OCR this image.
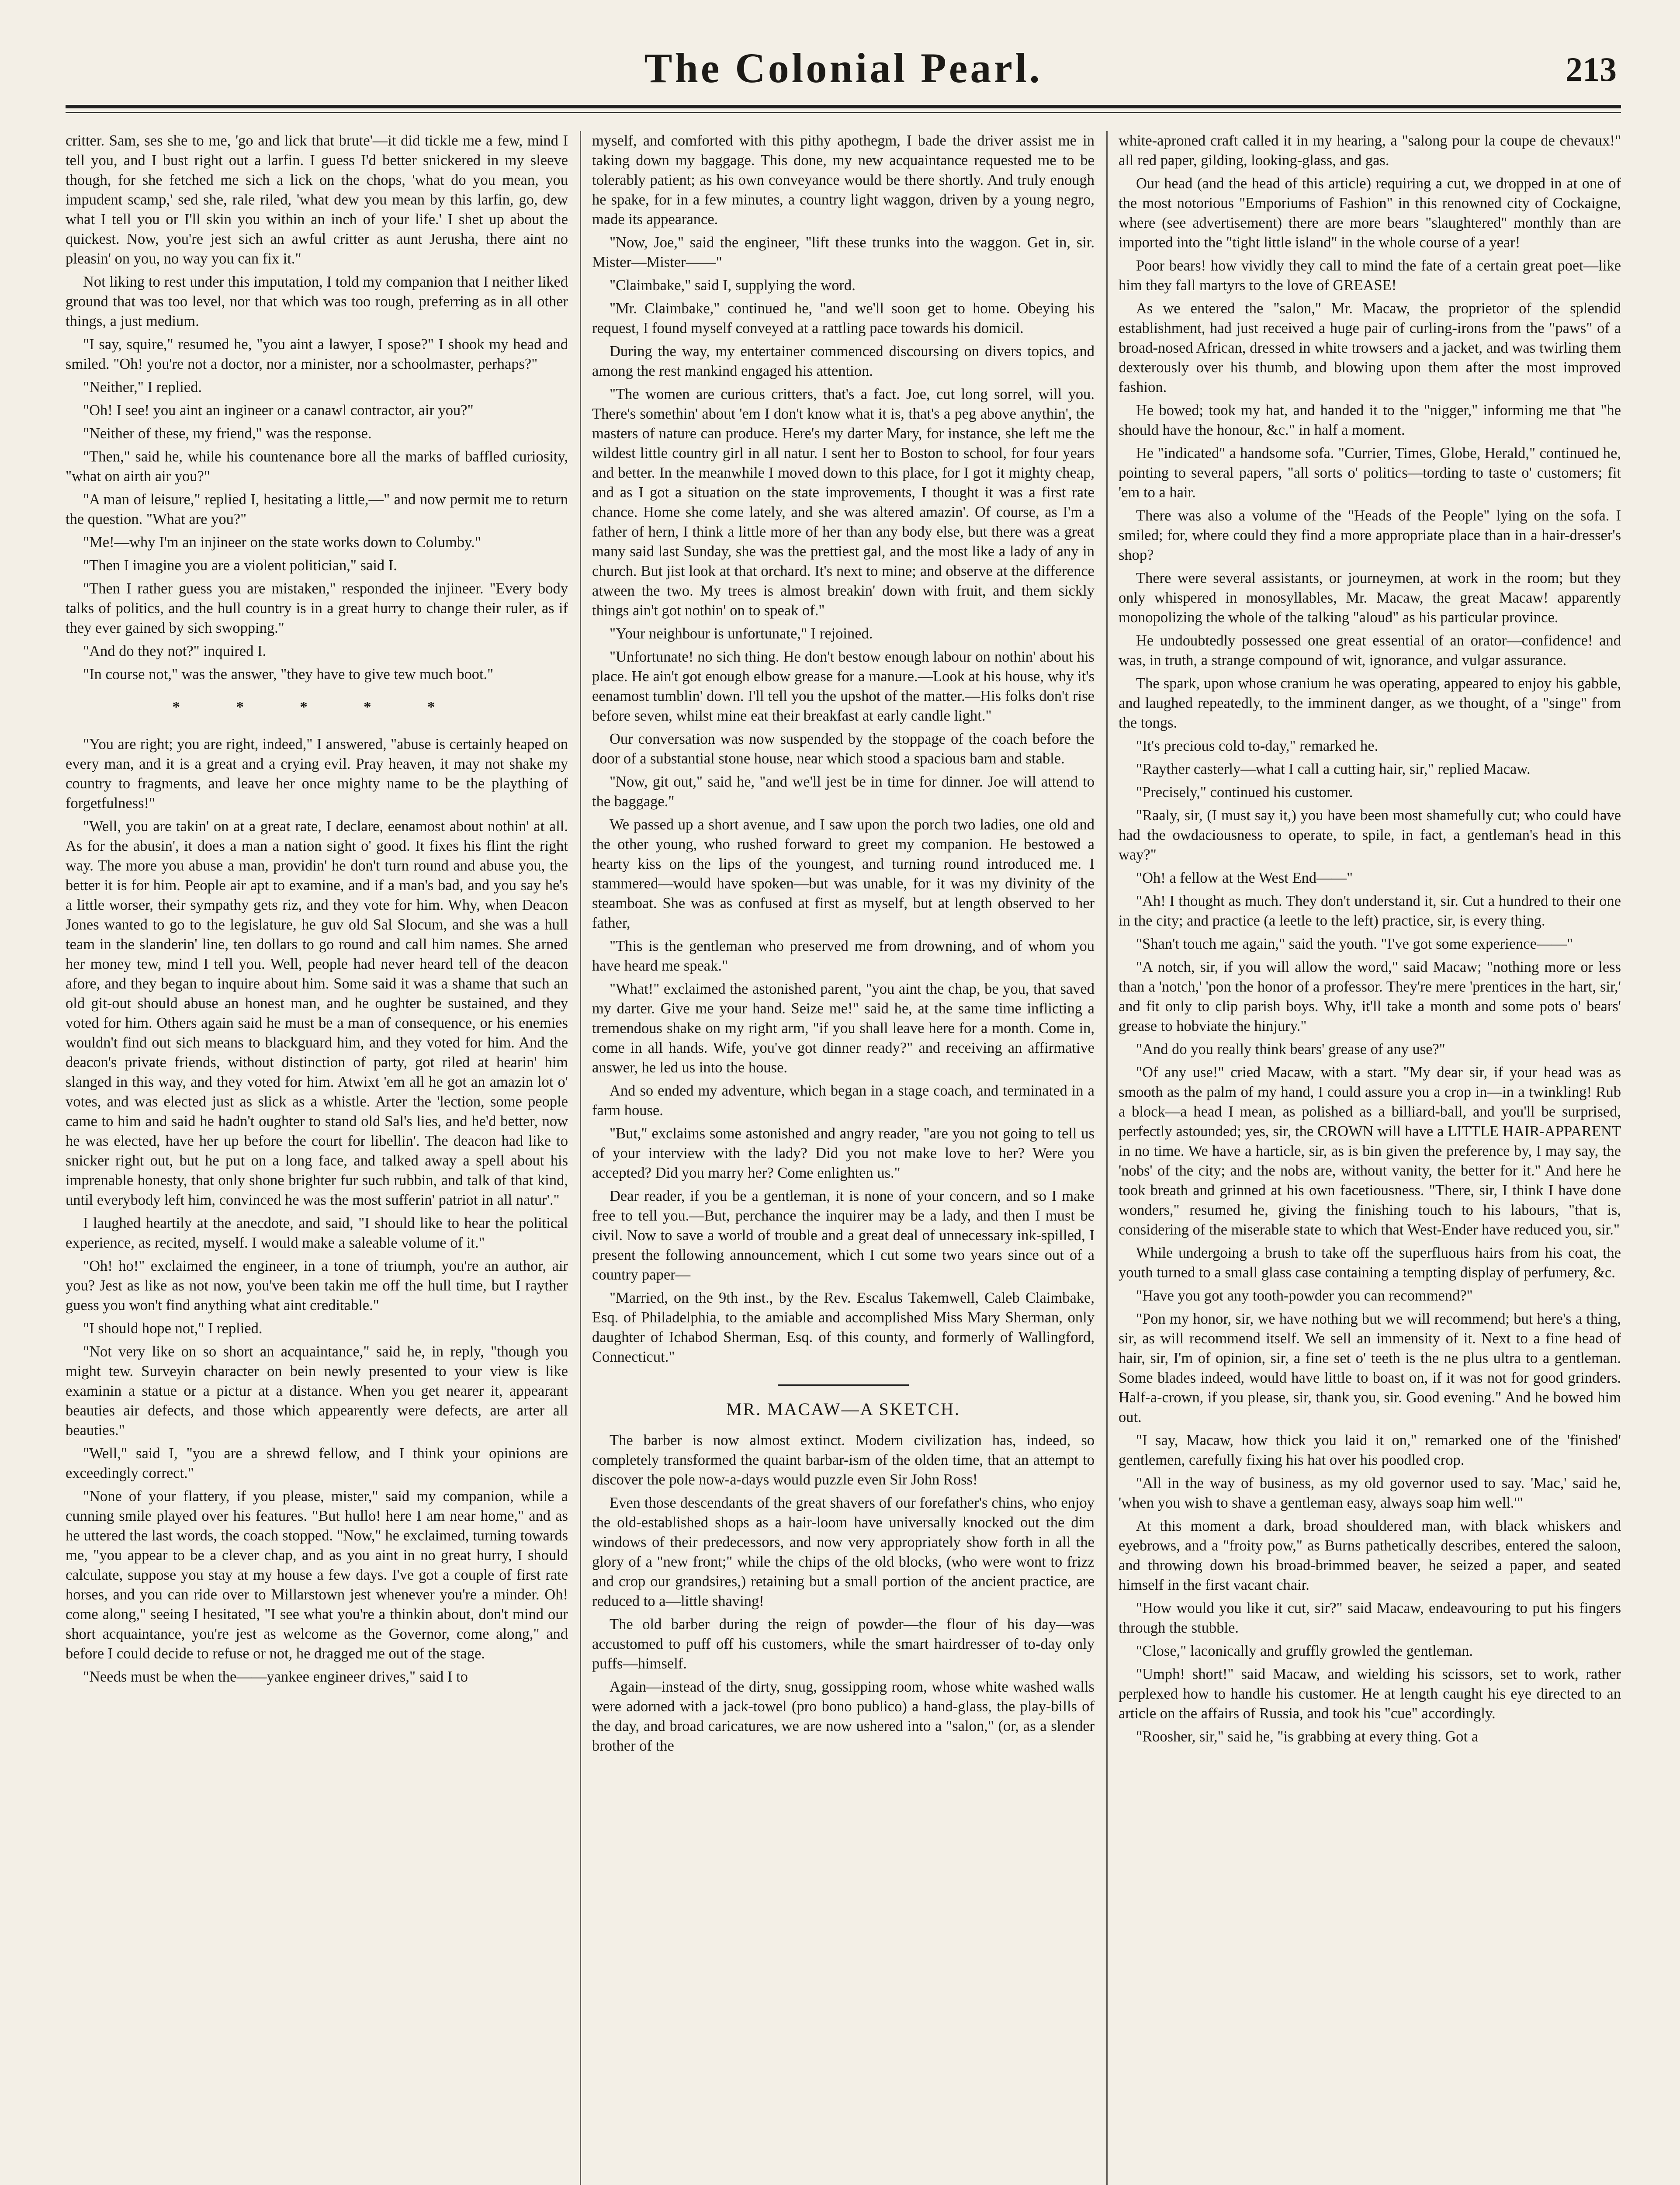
The Colonial Pearl.	213

critter. Sam, ses she to me, 'go and lick that brute'—it did tickle me a few, mind I tell you, and I bust right out a larfin. I guess I'd better snickered in my sleeve though, for she fetched me sich a lick on the chops, 'what do you mean, you impudent scamp,' sed she, rale riled, 'what dew you mean by this larfin, go, dew what I tell you or I'll skin you within an inch of your life.' I shet up about the quickest. Now, you're jest sich an awful critter as aunt Jerusha, there aint no pleasin' on you, no way you can fix it."

Not liking to rest under this imputation, I told my companion that I neither liked ground that was too level, nor that which was too rough, preferring as in all other things, a just medium.

"I say, squire," resumed he, "you aint a lawyer, I spose?" I shook my head and smiled. "Oh! you're not a doctor, nor a minister, nor a schoolmaster, perhaps?"

"Neither," I replied.

"Oh! I see! you aint an ingineer or a canawl contractor, air you?"

"Neither of these, my friend," was the response.

"Then," said he, while his countenance bore all the marks of baffled curiosity, "what on airth air you?"

"A man of leisure," replied I, hesitating a little,—" and now permit me to return the question. "What are you?"

"Me!—why I'm an injineer on the state works down to Columby."

"Then I imagine you are a violent politician," said I.

"Then I rather guess you are mistaken," responded the injineer. "Every body talks of politics, and the hull country is in a great hurry to change their ruler, as if they ever gained by sich swopping."

"And do they not?" inquired I.

"In course not," was the answer, "they have to give tew much boot."

* * * * *

"You are right; you are right, indeed," I answered, "abuse is certainly heaped on every man, and it is a great and a crying evil. Pray heaven, it may not shake my country to fragments, and leave her once mighty name to be the plaything of forgetfulness!"

"Well, you are takin' on at a great rate, I declare, eenamost about nothin' at all. As for the abusin', it does a man a nation sight o' good. It fixes his flint the right way. The more you abuse a man, providin' he don't turn round and abuse you, the better it is for him. People air apt to examine, and if a man's bad, and you say he's a little worser, their sympathy gets riz, and they vote for him. Why, when Deacon Jones wanted to go to the legislature, he guv old Sal Slocum, and she was a hull team in the slanderin' line, ten dollars to go round and call him names. She arned her money tew, mind I tell you. Well, people had never heard tell of the deacon afore, and they began to inquire about him. Some said it was a shame that such an old git-out should abuse an honest man, and he oughter be sustained, and they voted for him. Others again said he must be a man of consequence, or his enemies wouldn't find out sich means to blackguard him, and they voted for him. And the deacon's private friends, without distinction of party, got riled at hearin' him slanged in this way, and they voted for him. Atwixt 'em all he got an amazin lot o' votes, and was elected just as slick as a whistle. Arter the 'lection, some people came to him and said he hadn't oughter to stand old Sal's lies, and he'd better, now he was elected, have her up before the court for libellin'. The deacon had like to snicker right out, but he put on a long face, and talked away a spell about his imprenable honesty, that only shone brighter fur such rubbin, and talk of that kind, until everybody left him, convinced he was the most sufferin' patriot in all natur'."

I laughed heartily at the anecdote, and said, "I should like to hear the political experience, as recited, myself. I would make a saleable volume of it."

"Oh! ho!" exclaimed the engineer, in a tone of triumph, you're an author, air you? Jest as like as not now, you've been takin me off the hull time, but I rayther guess you won't find anything what aint creditable."

"I should hope not," I replied.

"Not very like on so short an acquaintance," said he, in reply, "though you might tew. Surveyin character on bein newly presented to your view is like examinin a statue or a pictur at a distance. When you get nearer it, appearant beauties air defects, and those which appearently were defects, are arter all beauties."

"Well," said I, "you are a shrewd fellow, and I think your opinions are exceedingly correct."

"None of your flattery, if you please, mister," said my companion, while a cunning smile played over his features. "But hullo! here I am near home," and as he uttered the last words, the coach stopped. "Now," he exclaimed, turning towards me, "you appear to be a clever chap, and as you aint in no great hurry, I should calculate, suppose you stay at my house a few days. I've got a couple of first rate horses, and you can ride over to Millarstown jest whenever you're a minder. Oh! come along," seeing I hesitated, "I see what you're a thinkin about, don't mind our short acquaintance, you're jest as welcome as the Governor, come along," and before I could decide to refuse or not, he dragged me out of the stage.

"Needs must be when the——yankee engineer drives," said I to

myself, and comforted with this pithy apothegm, I bade the driver assist me in taking down my baggage. This done, my new acquaintance requested me to be tolerably patient; as his own conveyance would be there shortly. And truly enough he spake, for in a few minutes, a country light waggon, driven by a young negro, made its appearance.

"Now, Joe," said the engineer, "lift these trunks into the waggon. Get in, sir. Mister—Mister——"

"Claimbake," said I, supplying the word.

"Mr. Claimbake," continued he, "and we'll soon get to home. Obeying his request, I found myself conveyed at a rattling pace towards his domicil.

During the way, my entertainer commenced discoursing on divers topics, and among the rest mankind engaged his attention.

"The women are curious critters, that's a fact. Joe, cut long sorrel, will you. There's somethin' about 'em I don't know what it is, that's a peg above anythin', the masters of nature can produce. Here's my darter Mary, for instance, she left me the wildest little country girl in all natur. I sent her to Boston to school, for four years and better. In the meanwhile I moved down to this place, for I got it mighty cheap, and as I got a situation on the state improvements, I thought it was a first rate chance. Home she come lately, and she was altered amazin'. Of course, as I'm a father of hern, I think a little more of her than any body else, but there was a great many said last Sunday, she was the prettiest gal, and the most like a lady of any in church. But jist look at that orchard. It's next to mine; and observe at the difference atween the two. My trees is almost breakin' down with fruit, and them sickly things ain't got nothin' on to speak of."

"Your neighbour is unfortunate," I rejoined.

"Unfortunate! no sich thing. He don't bestow enough labour on nothin' about his place. He ain't got enough elbow grease for a manure.—Look at his house, why it's eenamost tumblin' down. I'll tell you the upshot of the matter.—His folks don't rise before seven, whilst mine eat their breakfast at early candle light."

Our conversation was now suspended by the stoppage of the coach before the door of a substantial stone house, near which stood a spacious barn and stable.

"Now, git out," said he, "and we'll jest be in time for dinner. Joe will attend to the baggage."

We passed up a short avenue, and I saw upon the porch two ladies, one old and the other young, who rushed forward to greet my companion. He bestowed a hearty kiss on the lips of the youngest, and turning round introduced me. I stammered—would have spoken—but was unable, for it was my divinity of the steamboat. She was as confused at first as myself, but at length observed to her father,

"This is the gentleman who preserved me from drowning, and of whom you have heard me speak."

"What!" exclaimed the astonished parent, "you aint the chap, be you, that saved my darter. Give me your hand. Seize me!" said he, at the same time inflicting a tremendous shake on my right arm, "if you shall leave here for a month. Come in, come in all hands. Wife, you've got dinner ready?" and receiving an affirmative answer, he led us into the house.

And so ended my adventure, which began in a stage coach, and terminated in a farm house.

"But," exclaims some astonished and angry reader, "are you not going to tell us of your interview with the lady? Did you not make love to her? Were you accepted? Did you marry her? Come enlighten us."

Dear reader, if you be a gentleman, it is none of your concern, and so I make free to tell you.—But, perchance the inquirer may be a lady, and then I must be civil. Now to save a world of trouble and a great deal of unnecessary ink-spilled, I present the following announcement, which I cut some two years since out of a country paper—

"Married, on the 9th inst., by the Rev. Escalus Takemwell, Caleb Claimbake, Esq. of Philadelphia, to the amiable and accomplished Miss Mary Sherman, only daughter of Ichabod Sherman, Esq. of this county, and formerly of Wallingford, Connecticut."

MR. MACAW—A SKETCH.

The barber is now almost extinct. Modern civilization has, indeed, so completely transformed the quaint barbar-ism of the olden time, that an attempt to discover the pole now-a-days would puzzle even Sir John Ross!

Even those descendants of the great shavers of our forefather's chins, who enjoy the old-established shops as a hair-loom have universally knocked out the dim windows of their predecessors, and now very appropriately show forth in all the glory of a "new front;" while the chips of the old blocks, (who were wont to frizz and crop our grandsires,) retaining but a small portion of the ancient practice, are reduced to a—little shaving!

The old barber during the reign of powder—the flour of his day—was accustomed to puff off his customers, while the smart hairdresser of to-day only puffs—himself.

Again—instead of the dirty, snug, gossipping room, whose white washed walls were adorned with a jack-towel (pro bono publico) a hand-glass, the play-bills of the day, and broad caricatures, we are now ushered into a "salon," (or, as a slender brother of the

white-aproned craft called it in my hearing, a "salong pour la coupe de chevaux!" all red paper, gilding, looking-glass, and gas.

Our head (and the head of this article) requiring a cut, we dropped in at one of the most notorious "Emporiums of Fashion" in this renowned city of Cockaigne, where (see advertisement) there are more bears "slaughtered" monthly than are imported into the "tight little island" in the whole course of a year!

Poor bears! how vividly they call to mind the fate of a certain great poet—like him they fall martyrs to the love of GREASE!

As we entered the "salon," Mr. Macaw, the proprietor of the splendid establishment, had just received a huge pair of curling-irons from the "paws" of a broad-nosed African, dressed in white trowsers and a jacket, and was twirling them dexterously over his thumb, and blowing upon them after the most improved fashion.

He bowed; took my hat, and handed it to the "nigger," informing me that "he should have the honour, &c." in half a moment.

He "indicated" a handsome sofa. "Currier, Times, Globe, Herald," continued he, pointing to several papers, "all sorts o' politics—tording to taste o' customers; fit 'em to a hair.

There was also a volume of the "Heads of the People" lying on the sofa. I smiled; for, where could they find a more appropriate place than in a hair-dresser's shop?

There were several assistants, or journeymen, at work in the room; but they only whispered in monosyllables, Mr. Macaw, the great Macaw! apparently monopolizing the whole of the talking "aloud" as his particular province.

He undoubtedly possessed one great essential of an orator—confidence! and was, in truth, a strange compound of wit, ignorance, and vulgar assurance.

The spark, upon whose cranium he was operating, appeared to enjoy his gabble, and laughed repeatedly, to the imminent danger, as we thought, of a "singe" from the tongs.

"It's precious cold to-day," remarked he.

"Rayther casterly—what I call a cutting hair, sir," replied Macaw.

"Precisely," continued his customer.

"Raaly, sir, (I must say it,) you have been most shamefully cut; who could have had the owdaciousness to operate, to spile, in fact, a gentleman's head in this way?"

"Oh! a fellow at the West End——"

"Ah! I thought as much. They don't understand it, sir. Cut a hundred to their one in the city; and practice (a leetle to the left) practice, sir, is every thing.

"Shan't touch me again," said the youth. "I've got some experience——"

"A notch, sir, if you will allow the word," said Macaw; "nothing more or less than a 'notch,' 'pon the honor of a professor. They're mere 'prentices in the hart, sir,' and fit only to clip parish boys. Why, it'll take a month and some pots o' bears' grease to hobviate the hinjury."

"And do you really think bears' grease of any use?"

"Of any use!" cried Macaw, with a start. "My dear sir, if your head was as smooth as the palm of my hand, I could assure you a crop in—in a twinkling! Rub a block—a head I mean, as polished as a billiard-ball, and you'll be surprised, perfectly astounded; yes, sir, the CROWN will have a LITTLE HAIR-APPARENT in no time. We have a harticle, sir, as is bin given the preference by, I may say, the 'nobs' of the city; and the nobs are, without vanity, the better for it." And here he took breath and grinned at his own facetiousness. "There, sir, I think I have done wonders," resumed he, giving the finishing touch to his labours, "that is, considering of the miserable state to which that West-Ender have reduced you, sir."

While undergoing a brush to take off the superfluous hairs from his coat, the youth turned to a small glass case containing a tempting display of perfumery, &c.

"Have you got any tooth-powder you can recommend?"

"Pon my honor, sir, we have nothing but we will recommend; but here's a thing, sir, as will recommend itself. We sell an immensity of it. Next to a fine head of hair, sir, I'm of opinion, sir, a fine set o' teeth is the ne plus ultra to a gentleman. Some blades indeed, would have little to boast on, if it was not for good grinders. Half-a-crown, if you please, sir, thank you, sir. Good evening." And he bowed him out.

"I say, Macaw, how thick you laid it on," remarked one of the 'finished' gentlemen, carefully fixing his hat over his poodled crop.

"All in the way of business, as my old governor used to say. 'Mac,' said he, 'when you wish to shave a gentleman easy, always soap him well.'"

At this moment a dark, broad shouldered man, with black whiskers and eyebrows, and a "froity pow," as Burns pathetically describes, entered the saloon, and throwing down his broad-brimmed beaver, he seized a paper, and seated himself in the first vacant chair.

"How would you like it cut, sir?" said Macaw, endeavouring to put his fingers through the stubble.

"Close," laconically and gruffly growled the gentleman.

"Umph! short!" said Macaw, and wielding his scissors, set to work, rather perplexed how to handle his customer. He at length caught his eye directed to an article on the affairs of Russia, and took his "cue" accordingly.

"Roosher, sir," said he, "is grabbing at every thing. Got a
